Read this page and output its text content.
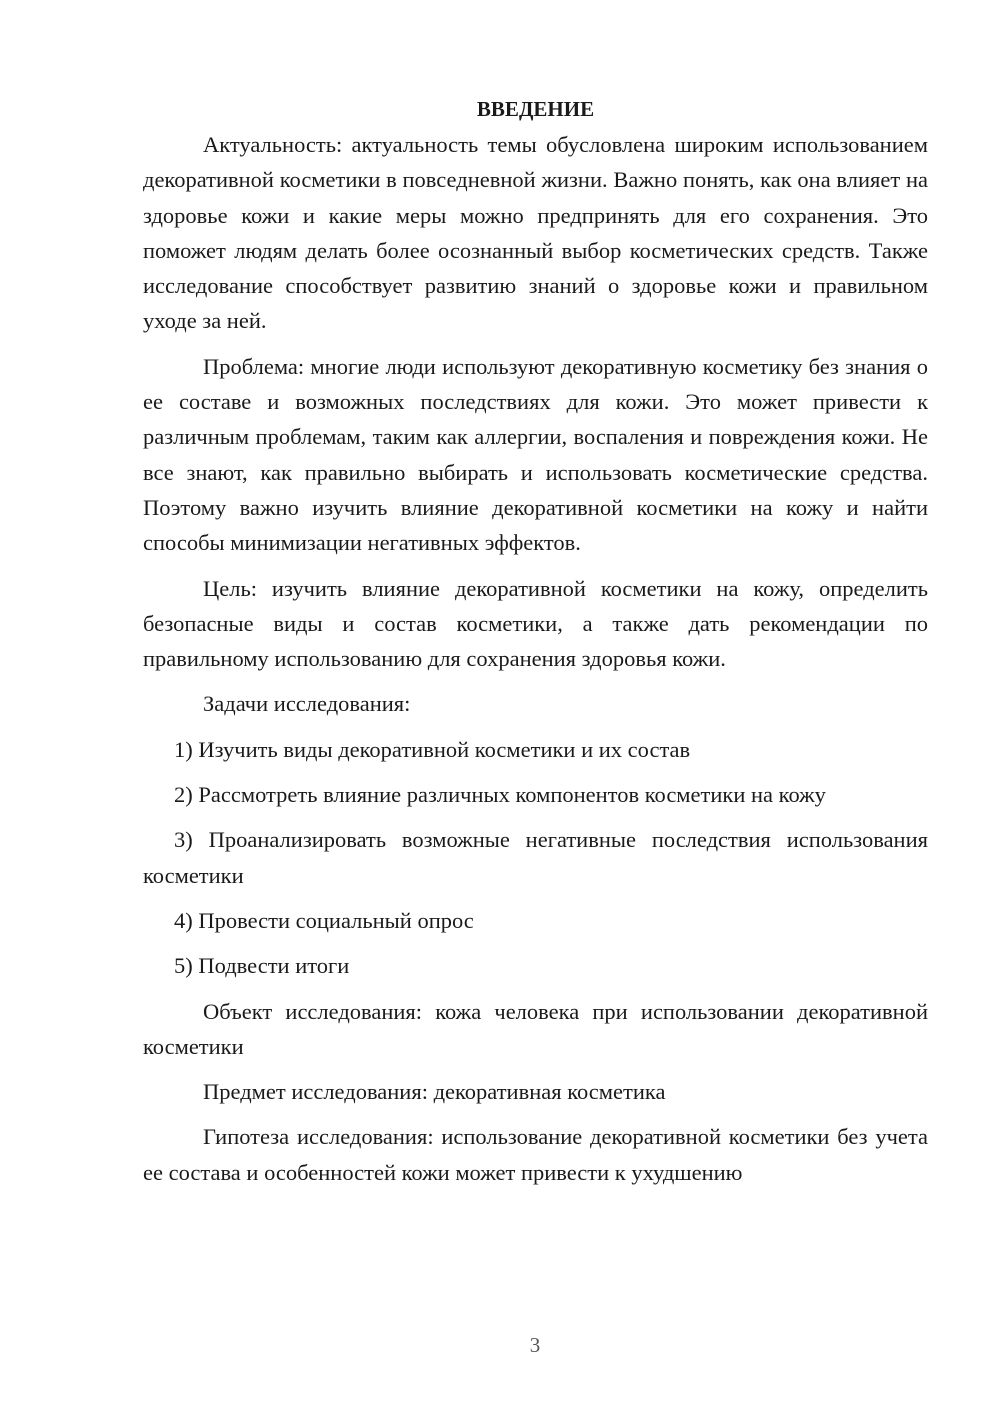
ВВЕДЕНИЕ

Актуальность: актуальность темы обусловлена широким использованием декоративной косметики в повседневной жизни. Важно понять, как она влияет на здоровье кожи и какие меры можно предпринять для его сохранения. Это поможет людям делать более осознанный выбор косметических средств. Также исследование способствует развитию знаний о здоровье кожи и правильном уходе за ней.

Проблема: многие люди используют декоративную косметику без знания о ее составе и возможных последствиях для кожи. Это может привести к различным проблемам, таким как аллергии, воспаления и повреждения кожи. Не все знают, как правильно выбирать и использовать косметические средства. Поэтому важно изучить влияние декоративной косметики на кожу и найти способы минимизации негативных эффектов.

Цель: изучить влияние декоративной косметики на кожу, определить безопасные виды и состав косметики, а также дать рекомендации по правильному использованию для сохранения здоровья кожи.

Задачи исследования:

1) Изучить виды декоративной косметики и их состав

2) Рассмотреть влияние различных компонентов косметики на кожу

3) Проанализировать возможные негативные последствия использования косметики

4) Провести социальный опрос

5) Подвести итоги

Объект исследования: кожа человека при использовании декоративной косметики

Предмет исследования: декоративная косметика

Гипотеза исследования: использование декоративной косметики без учета ее состава и особенностей кожи может привести к ухудшению

3
